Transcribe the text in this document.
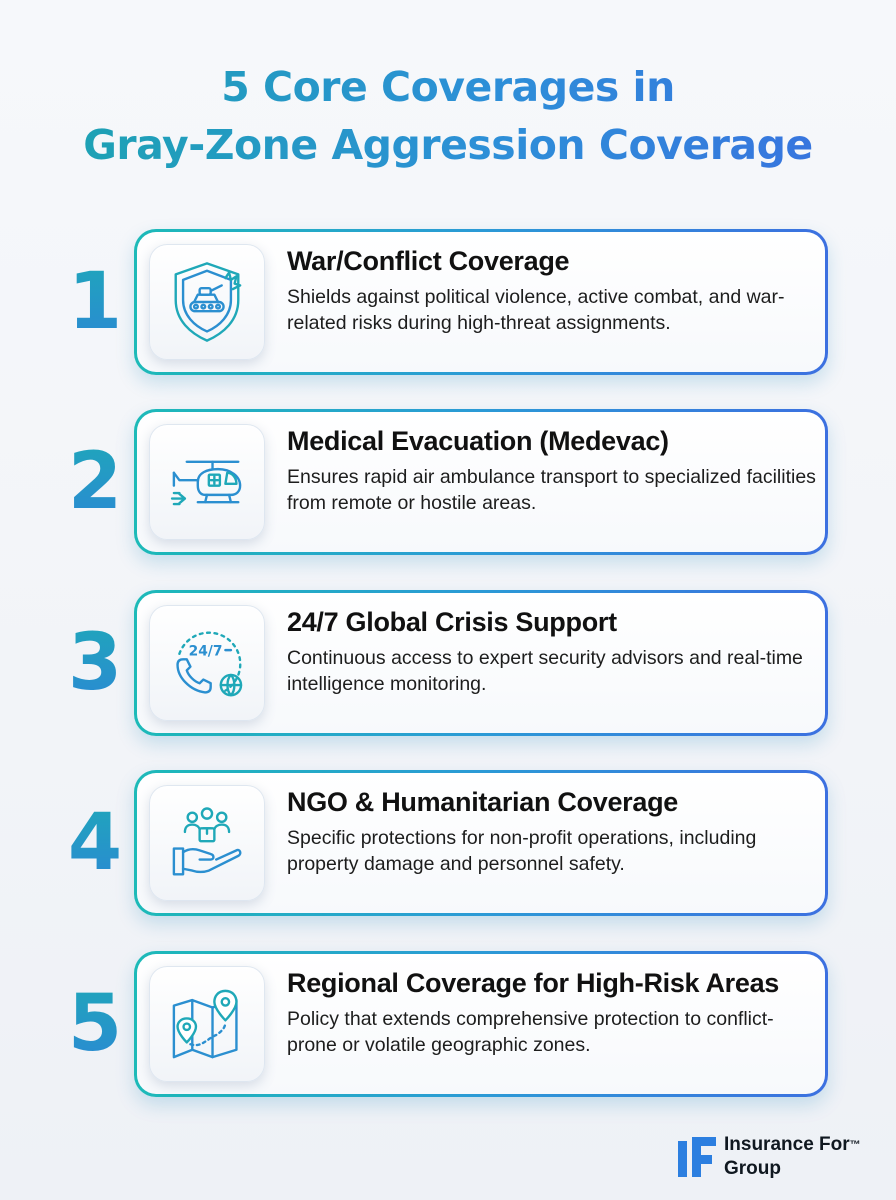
5 Core Coverages in
Gray-Zone Aggression Coverage
1	War/Conflict Coverage

Shields against political violence, active combat, and war-related risks during high-threat assignments.

2	Medical Evacuation (Medevac)

Ensures rapid air ambulance transport to specialized facilities from remote or hostile areas.

3	24/7
24/7 Global Crisis Support

Continuous access to expert security advisors and real-time intelligence monitoring.

4	NGO & Humanitarian Coverage

Specific protections for non-profit operations, including property damage and personnel safety.

5	Regional Coverage for High-Risk Areas

Policy that extends comprehensive protection to conflict-prone or volatile geographic zones.

Insurance For™
Group
